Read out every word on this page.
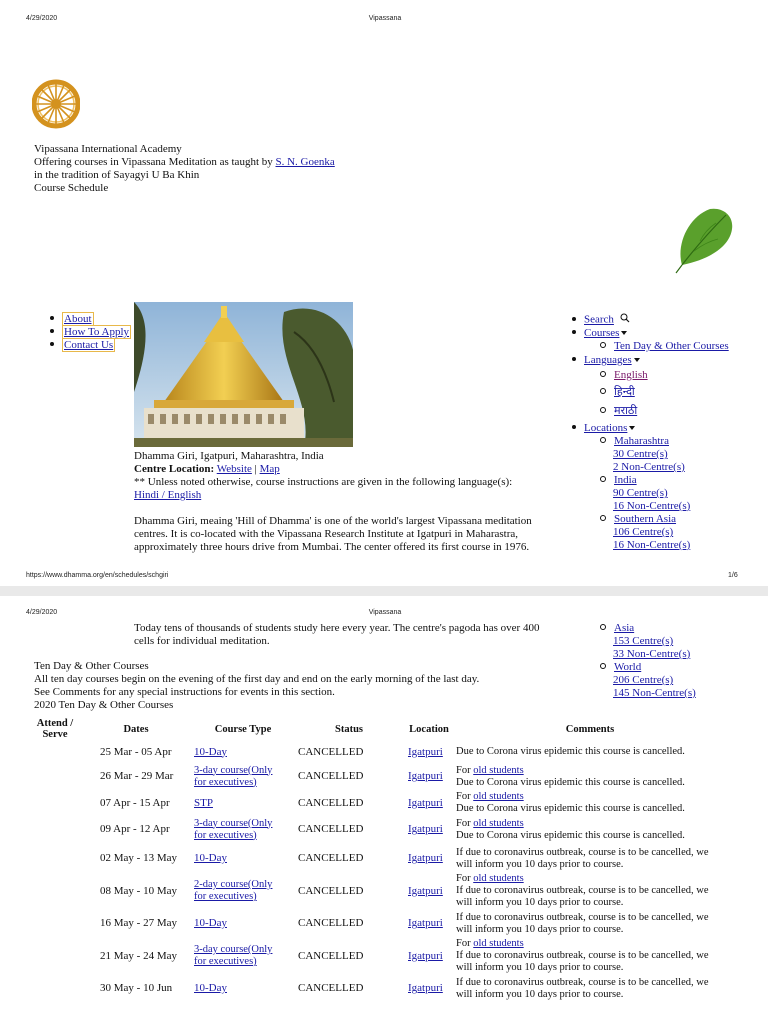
4/29/2020	Vipassana
Vipassana International Academy
Offering courses in Vipassana Meditation as taught by S. N. Goenka
in the tradition of Sayagyi U Ba Khin
Course Schedule
About
How To Apply
Contact Us
Dhamma Giri, Igatpuri, Maharashtra, India
Centre Location: Website | Map
** Unless noted otherwise, course instructions are given in the following language(s):
Hindi / English
Dhamma Giri, meaing 'Hill of Dhamma' is one of the world's largest Vipassana meditation centres. It is co-located with the Vipassana Research Institute at Igatpuri in Maharastra, approximately three hours drive from Mumbai. The center offered its first course in 1976.
Search
Courses
Ten Day & Other Courses
Languages
English
हिन्दी
मराठी
Locations
Maharashtra
30 Centre(s)
2 Non-Centre(s)
India
90 Centre(s)
16 Non-Centre(s)
Southern Asia
106 Centre(s)
16 Non-Centre(s)
https://www.dhamma.org/en/schedules/schgiri	1/6
4/29/2020	Vipassana
Today tens of thousands of students study here every year. The centre's pagoda has over 400 cells for individual meditation.
Asia
153 Centre(s)
33 Non-Centre(s)
World
206 Centre(s)
145 Non-Centre(s)
Ten Day & Other Courses
All ten day courses begin on the evening of the first day and end on the early morning of the last day.
See Comments for any special instructions for events in this section.
2020 Ten Day & Other Courses
Attend / Serve	Dates	Course Type	Status	Location	Comments
	25 Mar - 05 Apr	10-Day	CANCELLED	Igatpuri	Due to Corona virus epidemic this course is cancelled.

	26 Mar - 29 Mar	3-day course(Only for executives)	CANCELLED	Igatpuri	For old students
Due to Corona virus epidemic this course is cancelled.

	07 Apr - 15 Apr	STP	CANCELLED	Igatpuri	For old students
Due to Corona virus epidemic this course is cancelled.

	09 Apr - 12 Apr	3-day course(Only for executives)	CANCELLED	Igatpuri	For old students
Due to Corona virus epidemic this course is cancelled.

	02 May - 13 May	10-Day	CANCELLED	Igatpuri	If due to coronavirus outbreak, course is to be cancelled, we will inform you 10 days prior to course.

	08 May - 10 May	2-day course(Only for executives)	CANCELLED	Igatpuri	For old students
If due to coronavirus outbreak, course is to be cancelled, we will inform you 10 days prior to course.

	16 May - 27 May	10-Day	CANCELLED	Igatpuri	If due to coronavirus outbreak, course is to be cancelled, we will inform you 10 days prior to course.

	21 May - 24 May	3-day course(Only for executives)	CANCELLED	Igatpuri	For old students
If due to coronavirus outbreak, course is to be cancelled, we will inform you 10 days prior to course.

	30 May - 10 Jun	10-Day	CANCELLED	Igatpuri	If due to coronavirus outbreak, course is to be cancelled, we will inform you 10 days prior to course.
